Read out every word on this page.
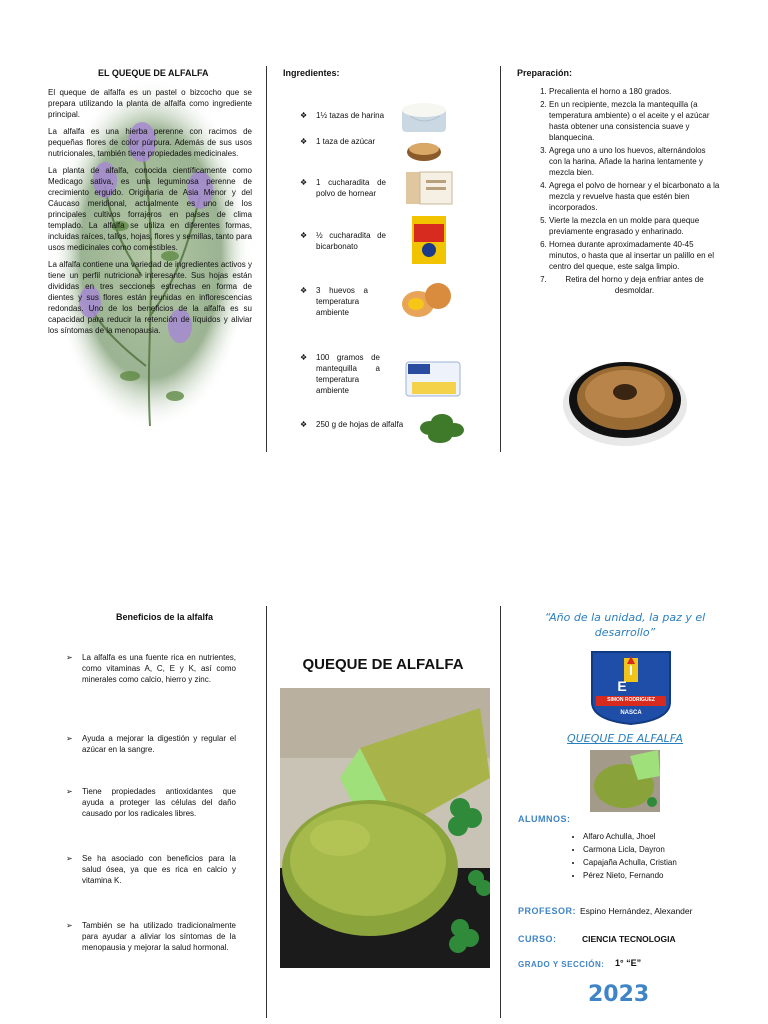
EL QUEQUE DE ALFALFA

El queque de alfalfa es un pastel o bizcocho que se prepara utilizando la planta de alfalfa como ingrediente principal.

La alfalfa es una hierba perenne con racimos de pequeñas flores de color púrpura. Además de sus usos nutricionales, también tiene propiedades medicinales.

La planta de alfalfa, conocida científicamente como Medicago sativa, es una leguminosa perenne de crecimiento erguido. Originaria de Asia Menor y del Cáucaso meridional, actualmente es uno de los principales cultivos forrajeros en países de clima templado. La alfalfa se utiliza en diferentes formas, incluidas raíces, tallos, hojas, flores y semillas, tanto para usos medicinales como comestibles.

La alfalfa contiene una variedad de ingredientes activos y tiene un perfil nutricional interesante. Sus hojas están divididas en tres secciones estrechas en forma de dientes y sus flores están reunidas en inflorescencias redondas. Uno de los beneficios de la alfalfa es su capacidad para reducir la retención de líquidos y aliviar los síntomas de la menopausia.

Ingredientes:
❖ 1½ tazas de harina
❖ 1 taza de azúcar
❖ 1 cucharadita de polvo de hornear
❖ ½ cucharadita de bicarbonato
❖ 3 huevos a temperatura ambiente
❖ 100 gramos de mantequilla a temperatura ambiente
❖ 250 g de hojas de alfalfa
Preparación:
1. Precalienta el horno a 180 grados.
2. En un recipiente, mezcla la mantequilla (a temperatura ambiente) o el aceite y el azúcar hasta obtener una consistencia suave y blanquecina.
3. Agrega uno a uno los huevos, alternándolos con la harina. Añade la harina lentamente y mezcla bien.
4. Agrega el polvo de hornear y el bicarbonato a la mezcla y revuelve hasta que estén bien incorporados.
5. Vierte la mezcla en un molde para queque previamente engrasado y enharinado.
6. Hornea durante aproximadamente 40-45 minutos, o hasta que al insertar un palillo en el centro del queque, este salga limpio.
7. Retira del horno y deja enfriar antes de desmoldar.
Beneficios de la alfalfa
➢ La alfalfa es una fuente rica en nutrientes, como vitaminas A, C, E y K, así como minerales como calcio, hierro y zinc.
➢ Ayuda a mejorar la digestión y regular el azúcar en la sangre.
➢ Tiene propiedades antioxidantes que ayuda a proteger las células del daño causado por los radicales libres.
➢ Se ha asociado con beneficios para la salud ósea, ya que es rica en calcio y vitamina K.
➢ También se ha utilizado tradicionalmente para ayudar a aliviar los síntomas de la menopausia y mejorar la salud hormonal.
QUEQUE DE ALFALFA
“Año de la unidad, la paz y el desarrollo”
I E
SIMON RODRIGUEZ
NASCA
QUEQUE DE ALFALFA
ALUMNOS:
• Alfaro Achulla, Jhoel
• Carmona Licla, Dayron
• Capajaña Achulla, Cristian
• Pérez Nieto, Fernando
PROFESOR: Espino Hernández, Alexander
CURSO:	CIENCIA TECNOLOGIA
GRADO Y SECCIÓN: 1° “E”
2023
